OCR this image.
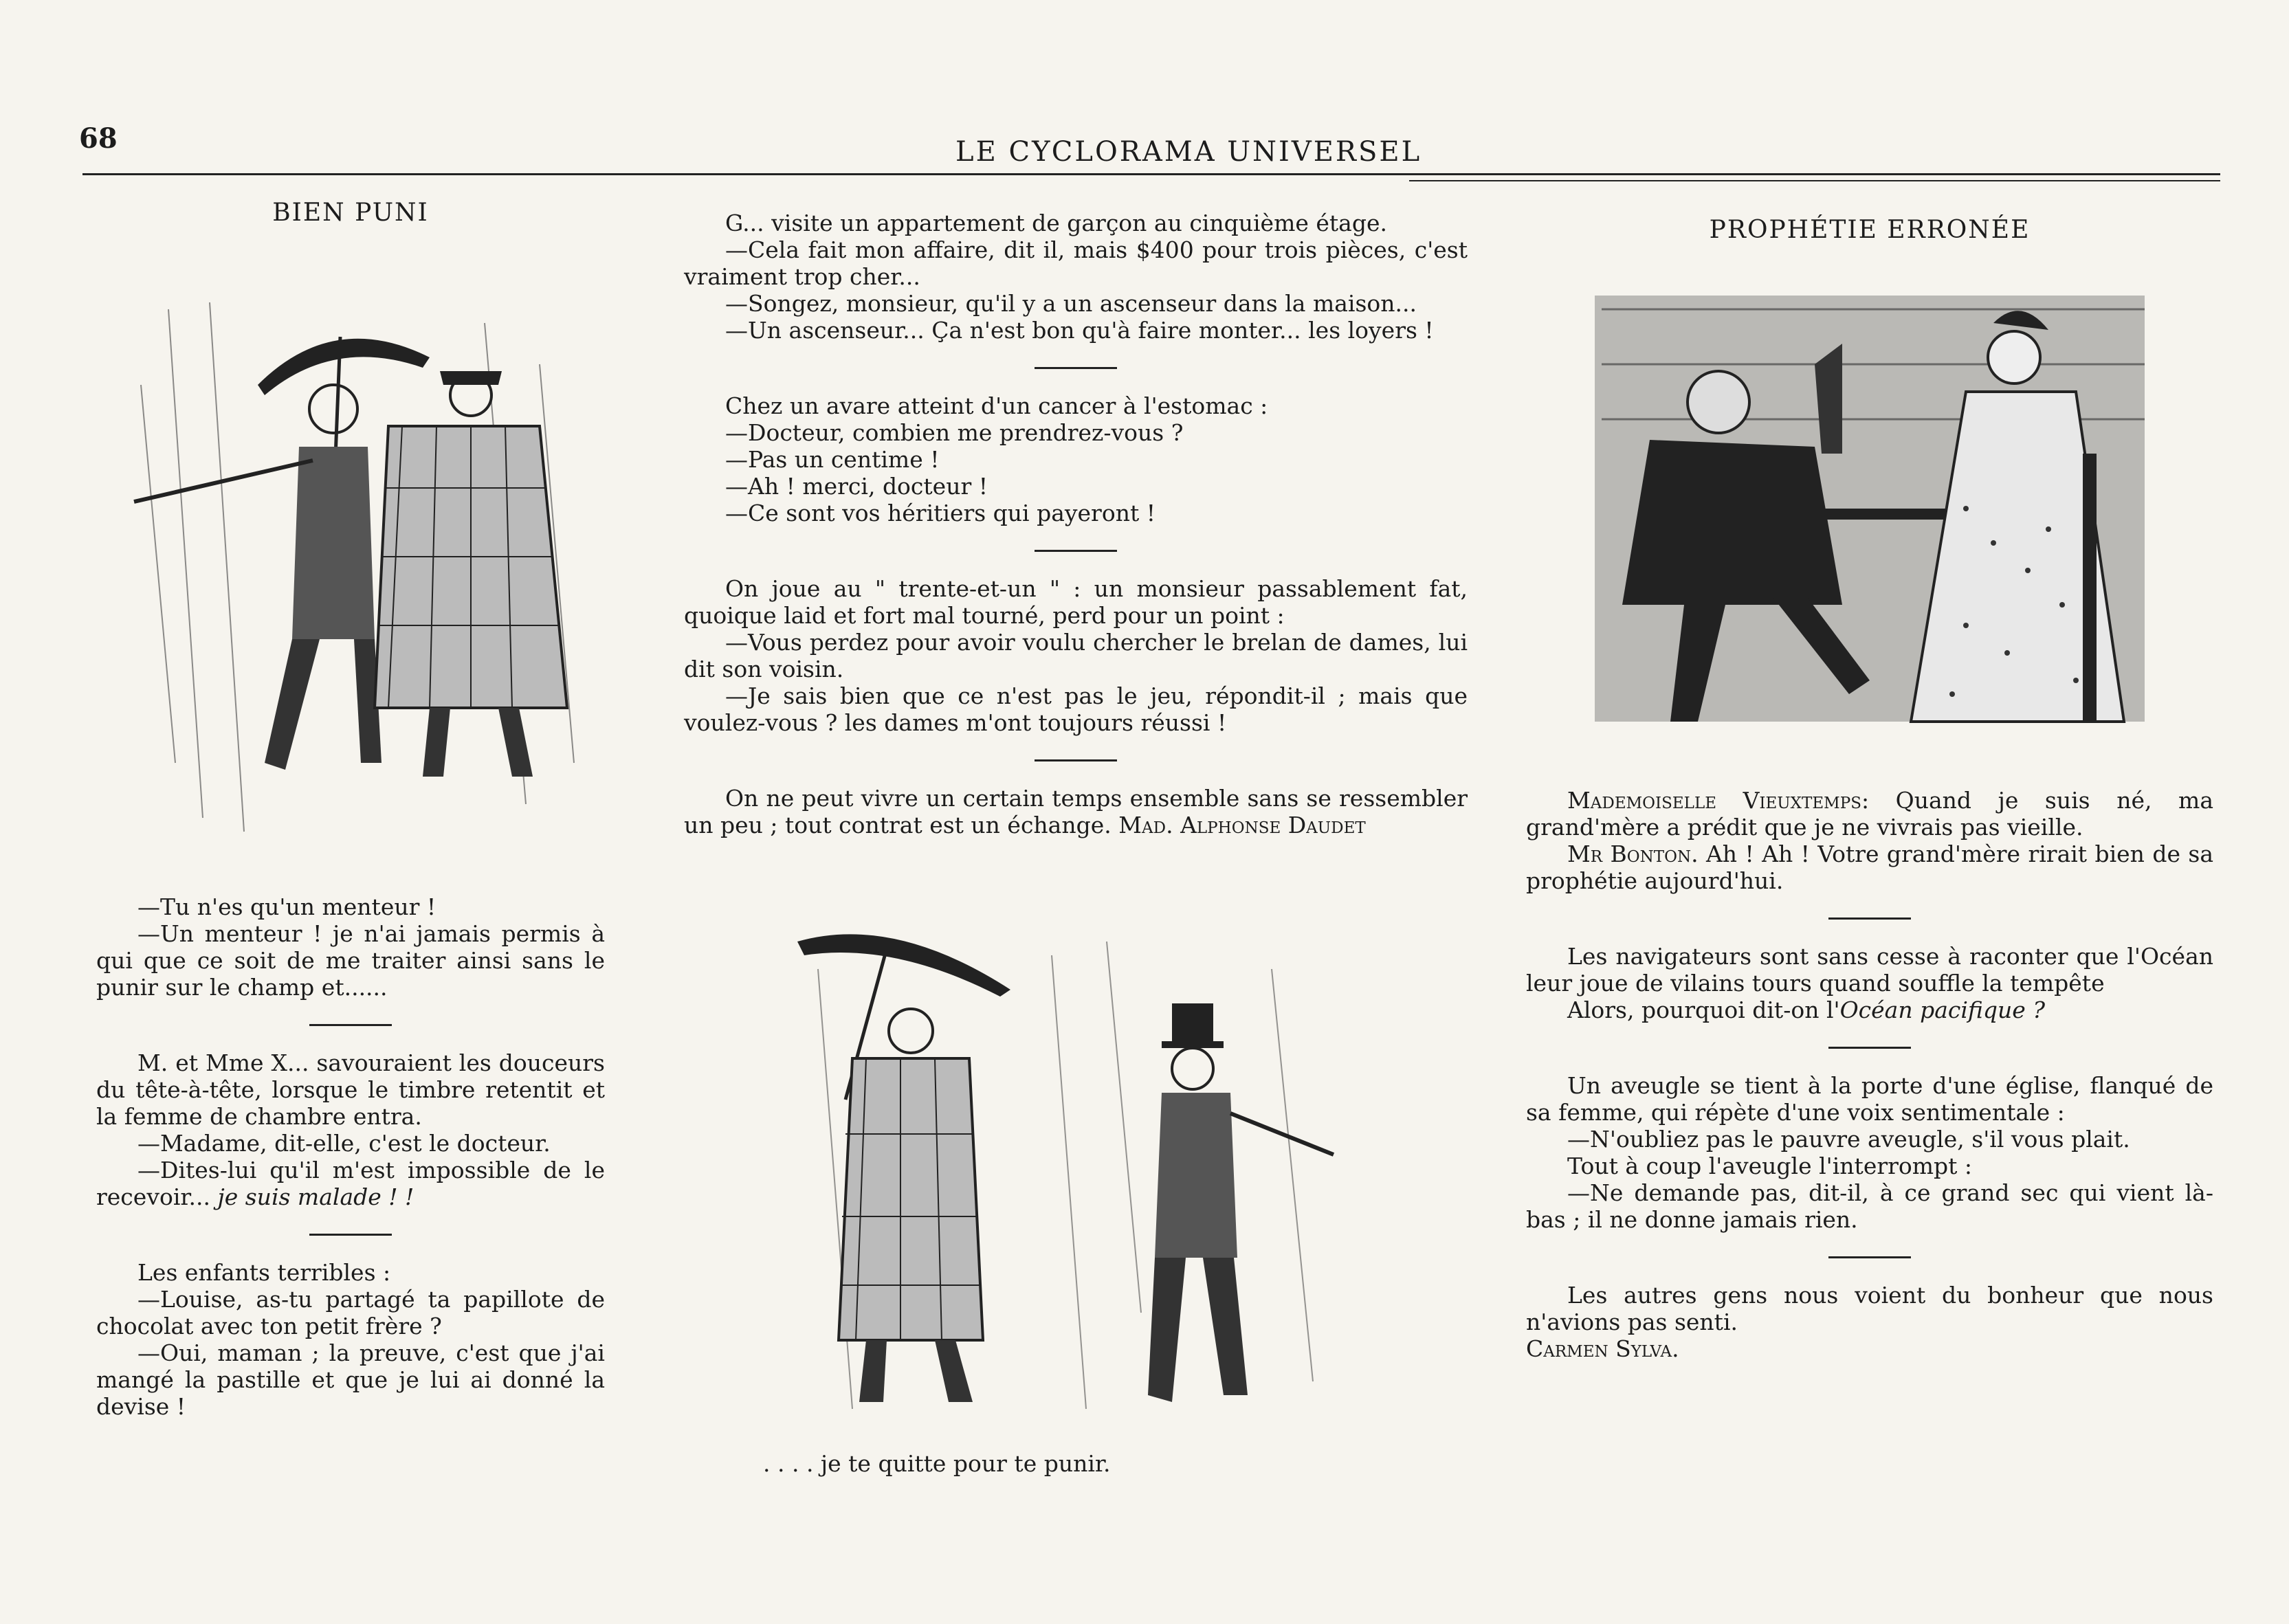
68	LE CYCLORAMA UNIVERSEL
BIEN PUNI

—Tu n'es qu'un menteur !

—Un menteur ! je n'ai jamais permis à qui que ce soit de me traiter ainsi sans le punir sur le champ et......

M. et Mme X... savouraient les douceurs du tête-à-tête, lorsque le timbre retentit et la femme de chambre entra.

—Madame, dit-elle, c'est le docteur.

—Dites-lui qu'il m'est impossible de le recevoir... je suis malade ! !

Les enfants terribles :

—Louise, as-tu partagé ta papillote de chocolat avec ton petit frère ?

—Oui, maman ; la preuve, c'est que j'ai mangé la pastille et que je lui ai donné la devise !

G... visite un appartement de garçon au cinquième étage.

—Cela fait mon affaire, dit il, mais $400 pour trois pièces, c'est vraiment trop cher...

—Songez, monsieur, qu'il y a un ascenseur dans la maison...

—Un ascenseur... Ça n'est bon qu'à faire monter... les loyers !

Chez un avare atteint d'un cancer à l'estomac :

—Docteur, combien me prendrez-vous ?

—Pas un centime !

—Ah ! merci, docteur !

—Ce sont vos héritiers qui payeront !

On joue au " trente-et-un " : un monsieur passablement fat, quoique laid et fort mal tourné, perd pour un point :

—Vous perdez pour avoir voulu chercher le brelan de dames, lui dit son voisin.

—Je sais bien que ce n'est pas le jeu, répondit-il ; mais que voulez-vous ? les dames m'ont toujours réussi !

On ne peut vivre un certain temps ensemble sans se ressembler un peu ; tout contrat est un échange. Mad. Alphonse Daudet

. . . . je te quitte pour te punir.
PROPHÉTIE ERRONÉE

Mademoiselle Vieuxtemps: Quand je suis né, ma grand'mère a prédit que je ne vivrais pas vieille.

Mr Bonton. Ah ! Ah ! Votre grand'mère rirait bien de sa prophétie aujourd'hui.

Les navigateurs sont sans cesse à raconter que l'Océan leur joue de vilains tours quand souffle la tempête

Alors, pourquoi dit-on l'Océan pacifique ?

Un aveugle se tient à la porte d'une église, flanqué de sa femme, qui répète d'une voix sentimentale :

—N'oubliez pas le pauvre aveugle, s'il vous plait.

Tout à coup l'aveugle l'interrompt :

—Ne demande pas, dit-il, à ce grand sec qui vient là-bas ; il ne donne jamais rien.

Les autres gens nous voient du bonheur que nous n'avions pas senti.

Carmen Sylva.
